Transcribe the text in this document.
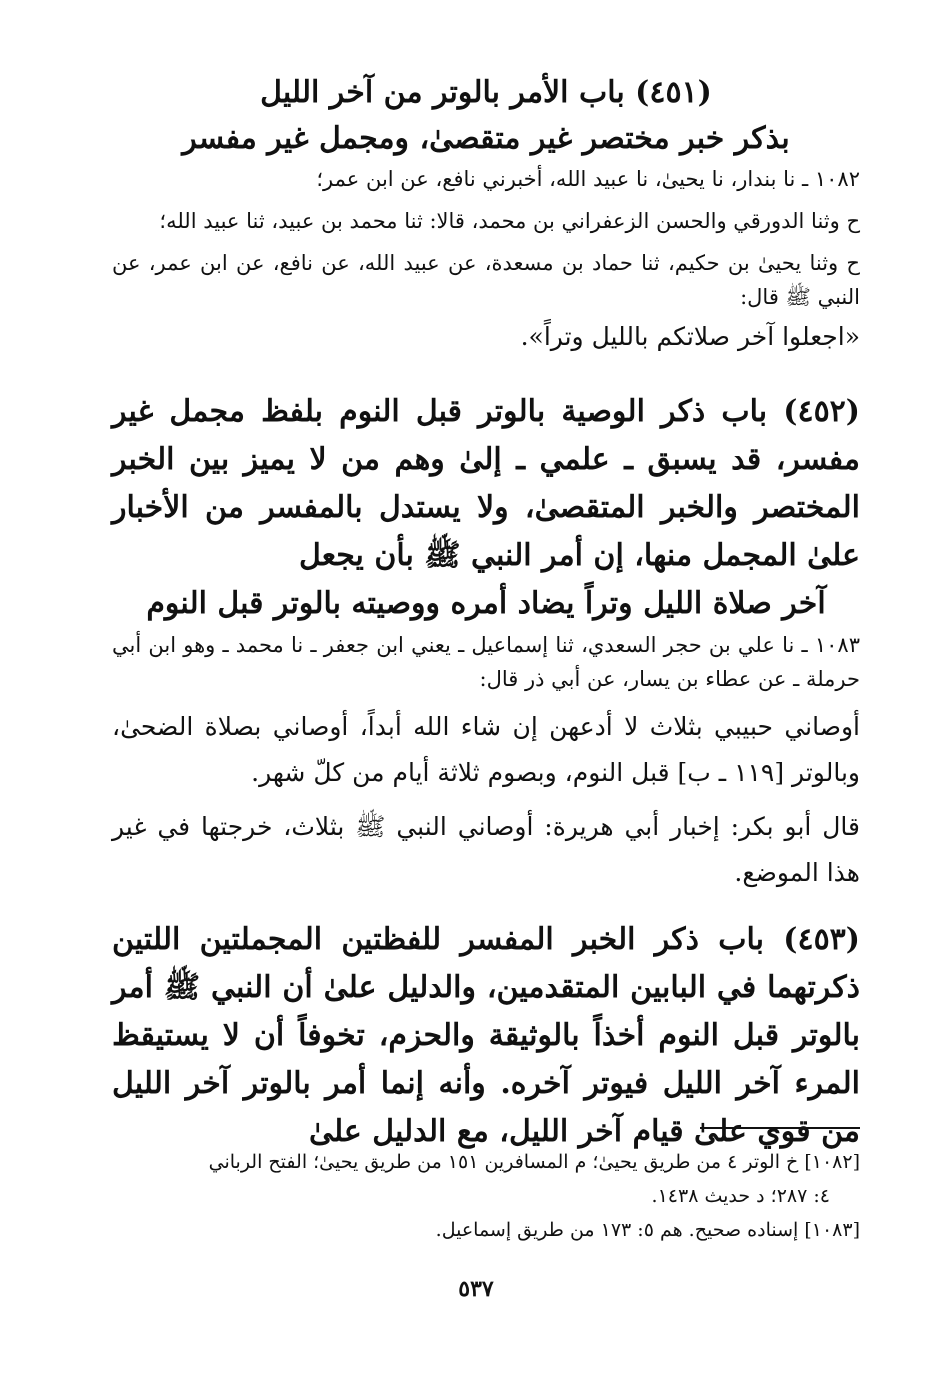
(٤٥١) باب الأمر بالوتر من آخر الليل
بذكر خبر مختصر غير متقصىٰ، ومجمل غير مفسر

١٠٨٢ ـ نا بندار، نا يحيىٰ، نا عبيد الله، أخبرني نافع، عن ابن عمر؛

ح وثنا الدورقي والحسن الزعفراني بن محمد، قالا: ثنا محمد بن عبيد، ثنا عبيد الله؛

ح وثنا يحيىٰ بن حكيم، ثنا حماد بن مسعدة، عن عبيد الله، عن نافع، عن ابن عمر، عن النبي ﷺ قال:

«اجعلوا آخر صلاتكم بالليل وتراً».

(٤٥٢) باب ذكر الوصية بالوتر قبل النوم بلفظ مجمل غير مفسر، قد يسبق ـ علمي ـ إلىٰ وهم من لا يميز بين الخبر المختصر والخبر المتقصىٰ، ولا يستدل بالمفسر من الأخبار علىٰ المجمل منها، إن أمر النبي ﷺ بأن يجعل
آخر صلاة الليل وتراً يضاد أمره ووصيته بالوتر قبل النوم

١٠٨٣ ـ نا علي بن حجر السعدي، ثنا إسماعيل ـ يعني ابن جعفر ـ نا محمد ـ وهو ابن أبي حرملة ـ عن عطاء بن يسار، عن أبي ذر قال:

أوصاني حبيبي بثلاث لا أدعهن إن شاء الله أبداً، أوصاني بصلاة الضحىٰ، وبالوتر [١١٩ ـ ب] قبل النوم، وبصوم ثلاثة أيام من كلّ شهر.

قال أبو بكر: إخبار أبي هريرة: أوصاني النبي ﷺ بثلاث، خرجتها في غير هذا الموضع.

(٤٥٣) باب ذكر الخبر المفسر للفظتين المجملتين اللتين ذكرتهما في البابين المتقدمين، والدليل علىٰ أن النبي ﷺ أمر بالوتر قبل النوم أخذاً بالوثيقة والحزم، تخوفاً أن لا يستيقظ المرء آخر الليل فيوتر آخره. وأنه إنما أمر بالوتر آخر الليل من قوي علىٰ قيام آخر الليل، مع الدليل علىٰ

[١٠٨٢] خ الوتر ٤ من طريق يحيىٰ؛ م المسافرين ١٥١ من طريق يحيىٰ؛ الفتح الرباني

٤: ٢٨٧؛ د حديث ١٤٣٨.

[١٠٨٣] إسناده صحيح. هم ٥: ١٧٣ من طريق إسماعيل.

٥٣٧
